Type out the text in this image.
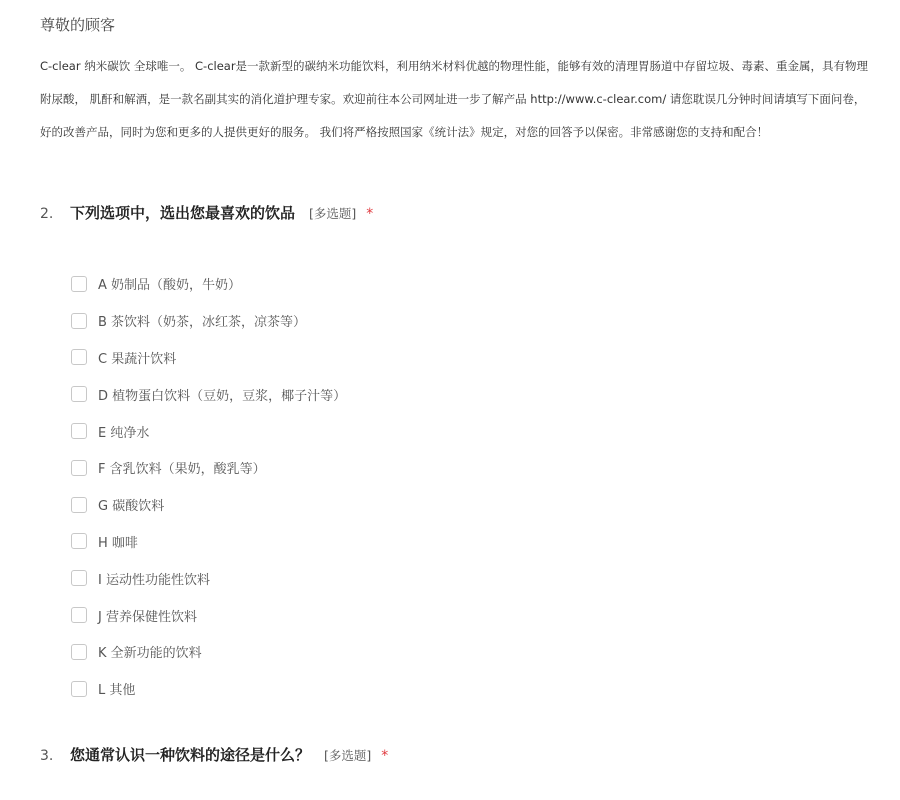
尊敬的顾客
C-clear 纳米碳饮 全球唯一。 C-clear是一款新型的碳纳米功能饮料，利用纳米材料优越的物理性能，能够有效的清理胃肠道中存留垃圾、毒素、重金属，具有物理
附尿酸， 肌酐和解酒，是一款名副其实的消化道护理专家。欢迎前往本公司网址进一步了解产品 http://www.c-clear.com/ 请您耽误几分钟时间请填写下面问卷，
好的改善产品，同时为您和更多的人提供更好的服务。 我们将严格按照国家《统计法》规定，对您的回答予以保密。非常感谢您的支持和配合！
2.	下列选项中，选出您最喜欢的饮品 [多选题] *
A 奶制品（酸奶，牛奶）
B 茶饮料（奶茶，冰红茶，凉茶等）
C 果蔬汁饮料
D 植物蛋白饮料（豆奶，豆浆，椰子汁等）
E 纯净水
F 含乳饮料（果奶，酸乳等）
G 碳酸饮料
H 咖啡
I 运动性功能性饮料
J 营养保健性饮料
K 全新功能的饮料
L 其他
3.	您通常认识一种饮料的途径是什么？ [多选题] *
